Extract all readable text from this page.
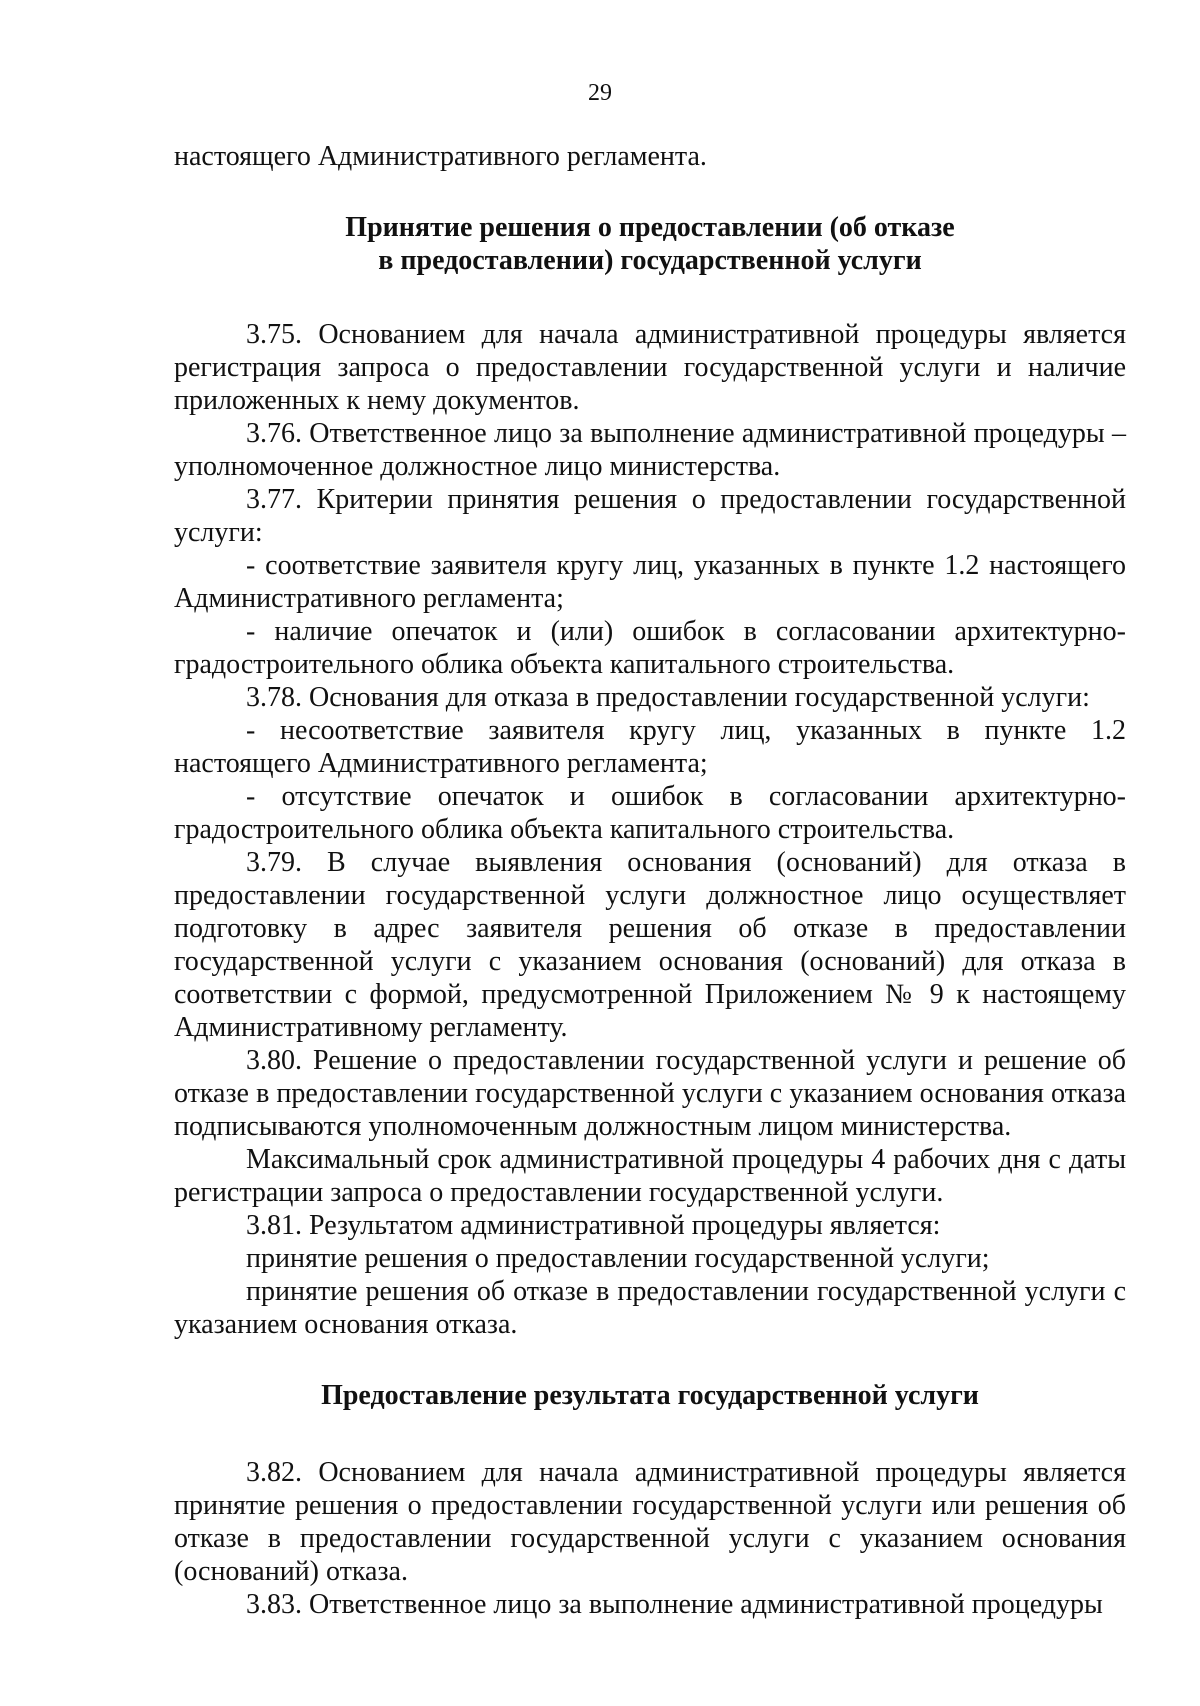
29

настоящего Административного регламента.

Принятие решения о предоставлении (об отказе

в предоставлении) государственной услуги

3.75. Основанием для начала административной процедуры является регистрация запроса о предоставлении государственной услуги и наличие приложенных к нему документов.

3.76. Ответственное лицо за выполнение административной процедуры – уполномоченное должностное лицо министерства.

3.77. Критерии принятия решения о предоставлении государственной услуги:

- соответствие заявителя кругу лиц, указанных в пункте 1.2 настоящего Административного регламента;

- наличие опечаток и (или) ошибок в согласовании архитектурно-градостроительного облика объекта капитального строительства.

3.78. Основания для отказа в предоставлении государственной услуги:

- несоответствие заявителя кругу лиц, указанных в пункте 1.2 настоящего Административного регламента;

- отсутствие опечаток и ошибок в согласовании архитектурно-градостроительного облика объекта капитального строительства.

3.79. В случае выявления основания (оснований) для отказа в предоставлении государственной услуги должностное лицо осуществляет подготовку в адрес заявителя решения об отказе в предоставлении государственной услуги с указанием основания (оснований) для отказа в соответствии с формой, предусмотренной Приложением № 9 к настоящему Административному регламенту.

3.80. Решение о предоставлении государственной услуги и решение об отказе в предоставлении государственной услуги с указанием основания отказа подписываются уполномоченным должностным лицом министерства.

Максимальный срок административной процедуры 4 рабочих дня с даты регистрации запроса о предоставлении государственной услуги.

3.81. Результатом административной процедуры является:

принятие решения о предоставлении государственной услуги;

принятие решения об отказе в предоставлении государственной услуги с указанием основания отказа.

Предоставление результата государственной услуги

3.82. Основанием для начала административной процедуры является принятие решения о предоставлении государственной услуги или решения об отказе в предоставлении государственной услуги с указанием основания (оснований) отказа.

3.83. Ответственное лицо за выполнение административной процедуры
